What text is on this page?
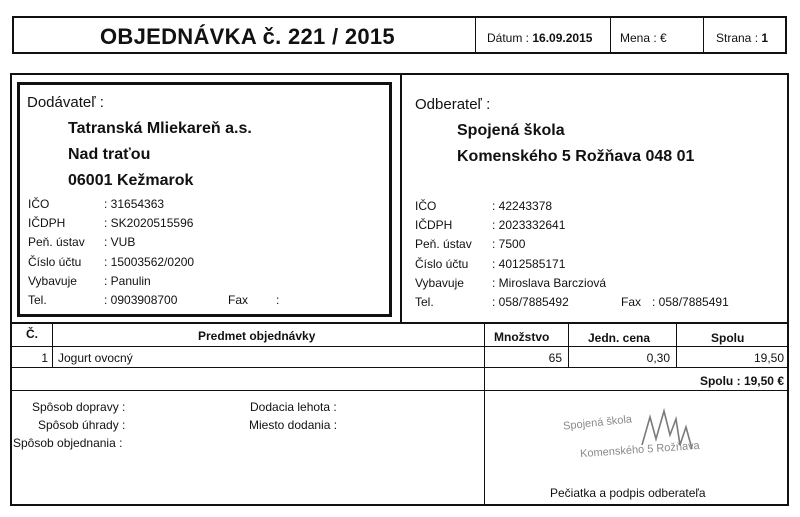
OBJEDNÁVKA č. 221 / 2015	Dátum : 16.09.2015 Mena : €	Strana : 1
Dodávateľ :
Tatranská Mliekareň a.s.
Nad traťou
06001 Kežmarok
IČO	: 31654363
IČDPH	: SK2020515596
Peň. ústav : VUB
Číslo účtu : 15003562/0200
Vybavuje : Panulin
Tel.	: 0903908700	Fax :
Odberateľ :
Spojená škola
Komenského 5 Rožňava 048 01
IČO	: 42243378
IČDPH	: 2023332641
Peň. ústav : 7500
Číslo účtu : 4012585171
Vybavuje : Miroslava Barcziová
Tel.	: 058/7885492	Fax : 058/7885491
Č.	Predmet objednávky	Množstvo	Jedn. cena	Spolu
1 Jogurt ovocný	65	0,30	19,50
Spolu : 19,50 €
Spôsob dopravy :
Spôsob úhrady :
Spôsob objednania :
Dodacia lehota :
Miesto dodania :	Spojená škola
Komenského 5 Rožňava
Pečiatka a podpis odberateľa
